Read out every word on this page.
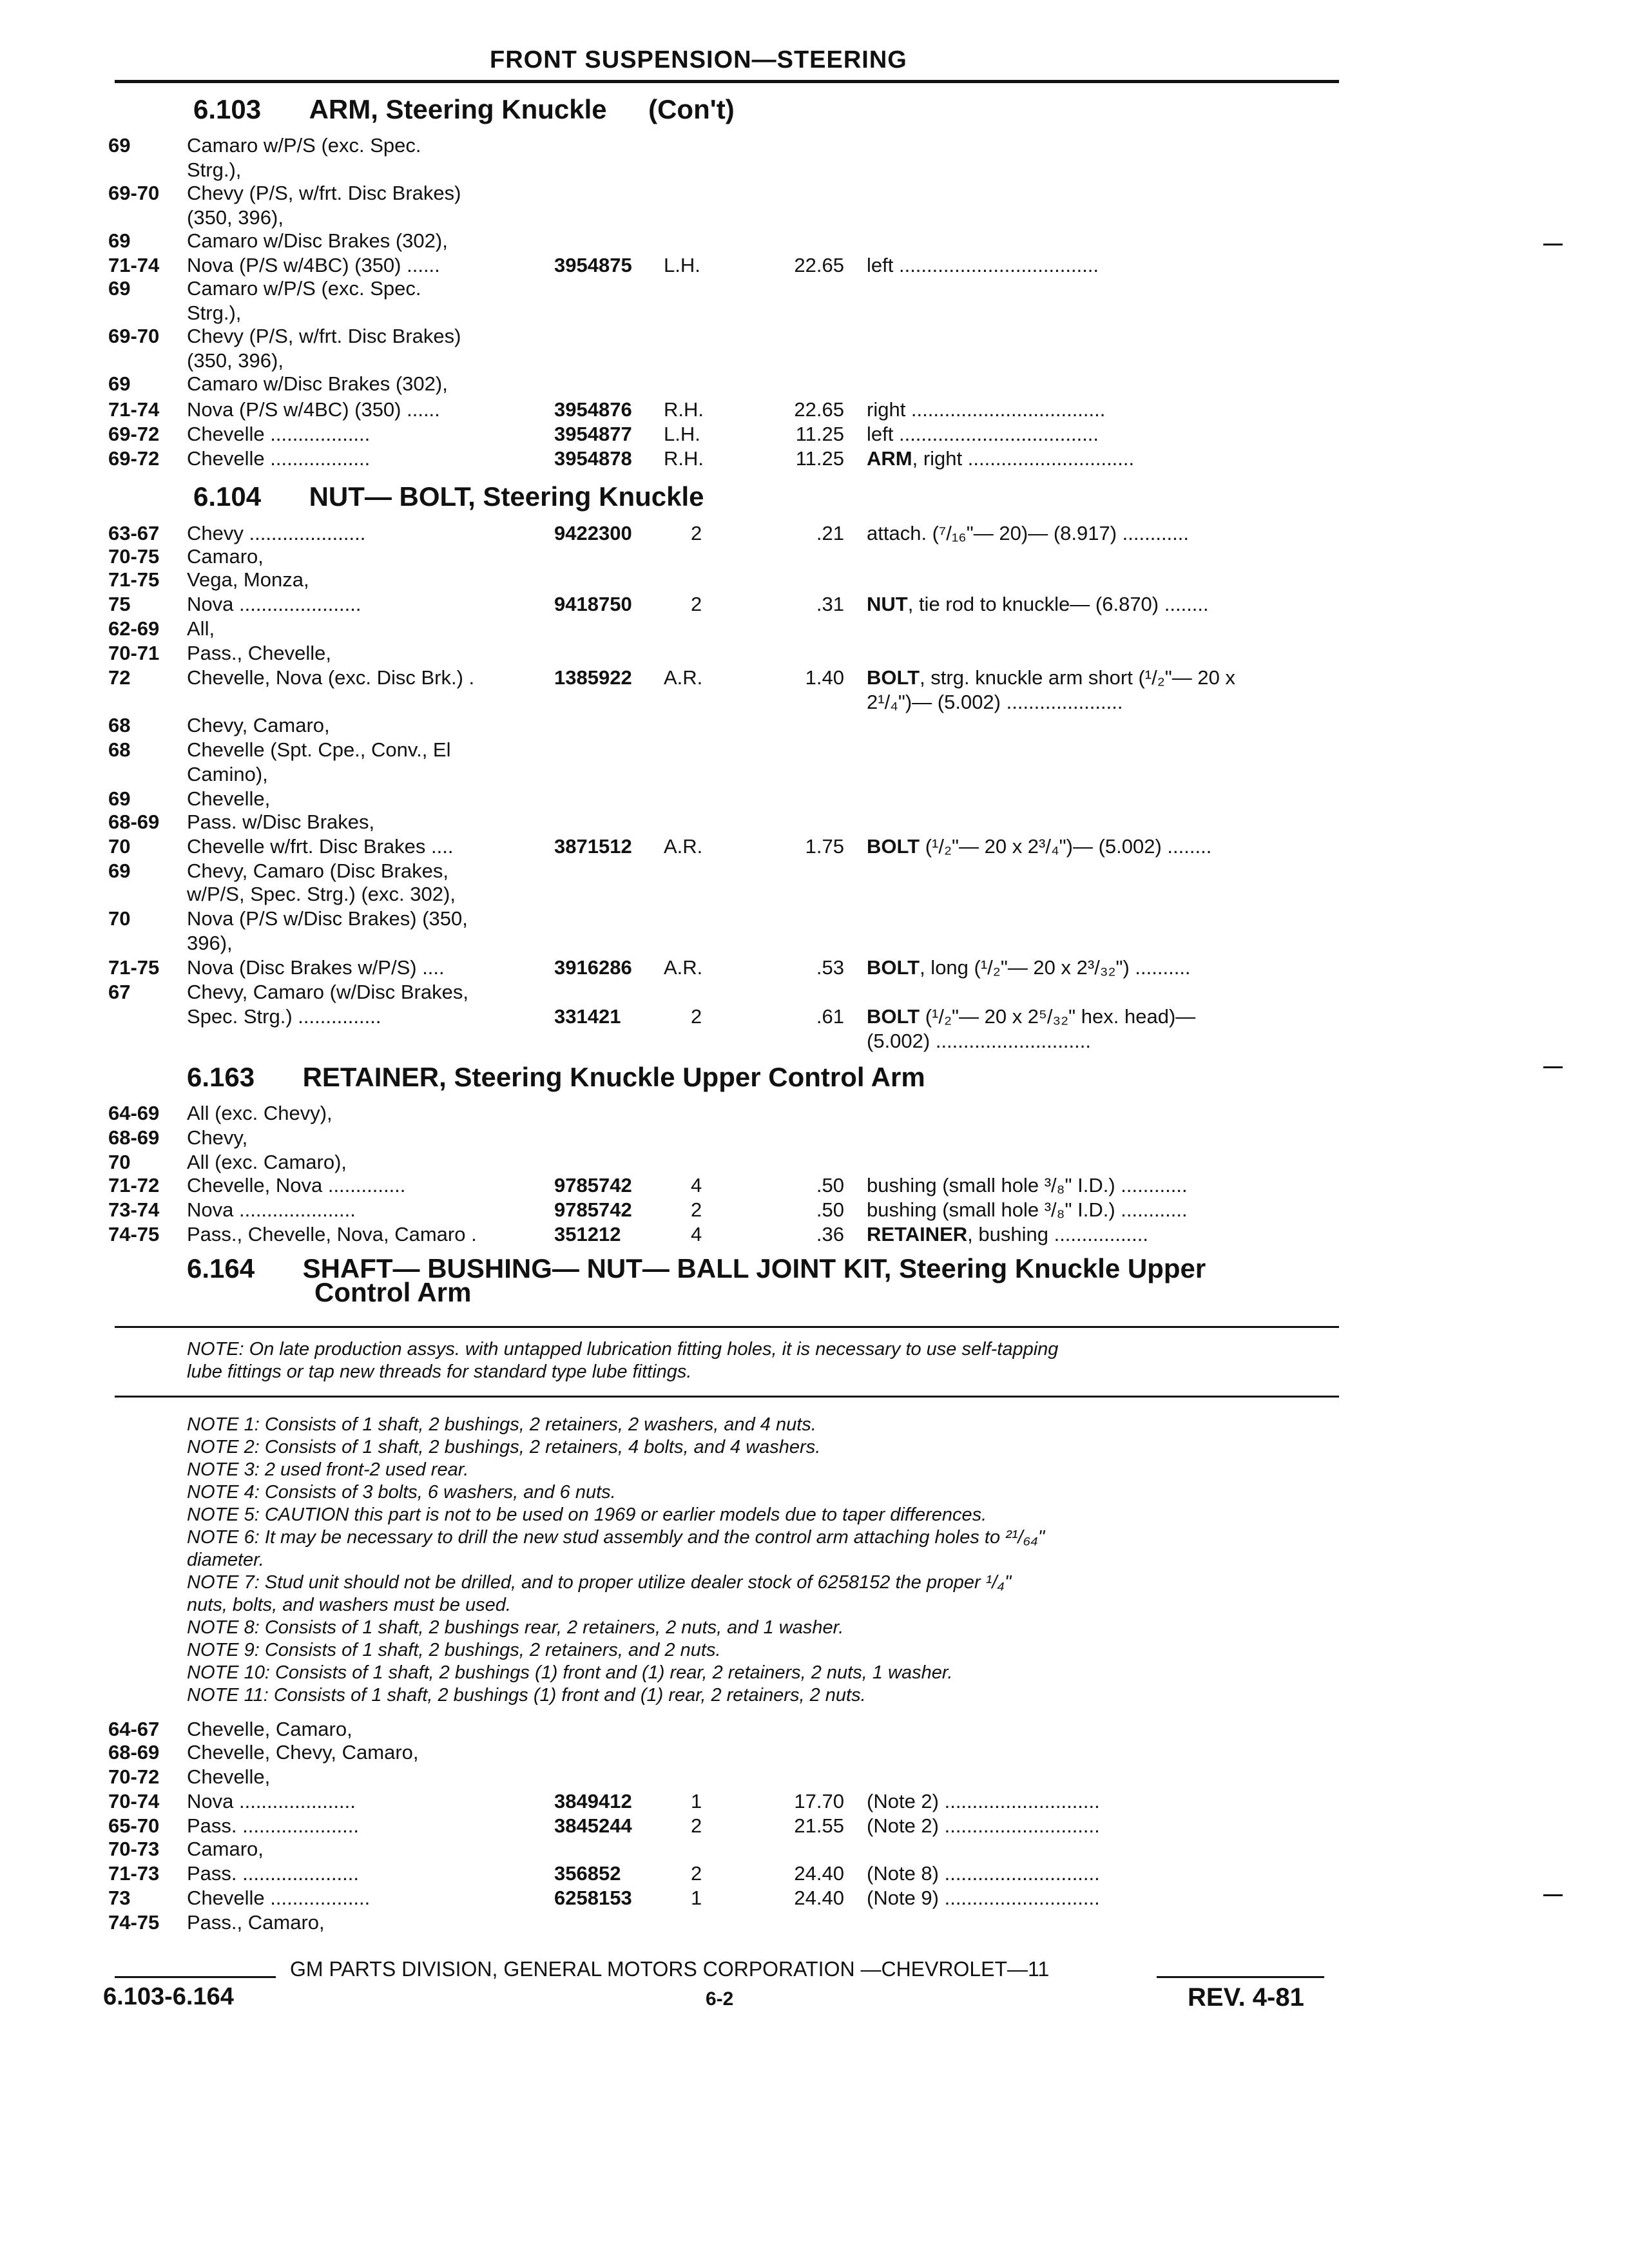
FRONT SUSPENSION—STEERING
6.103 ARM, Steering Knuckle (Con't)
6.104 NUT— BOLT, Steering Knuckle
6.163 RETAINER, Steering Knuckle Upper Control Arm
6.164 SHAFT— BUSHING— NUT— BALL JOINT KIT, Steering Knuckle Upper
Control Arm
69	Camaro w/P/S (exc. Spec.
Strg.),
69-70 Chevy (P/S, w/frt. Disc Brakes)
(350, 396),
69	Camaro w/Disc Brakes (302),
71-74 Nova (P/S w/4BC) (350) ......	3954875 L.H.	22.65 left ....................................
69	Camaro w/P/S (exc. Spec.
Strg.),
69-70 Chevy (P/S, w/frt. Disc Brakes)
(350, 396),
69	Camaro w/Disc Brakes (302),
71-74 Nova (P/S w/4BC) (350) ......	3954876 R.H.	22.65 right ...................................
69-72 Chevelle ..................	3954877 L.H.	11.25 left ....................................
69-72 Chevelle ..................	3954878 R.H.	11.25 ARM, right ..............................
63-67 Chevy .....................	9422300	2	.21 attach. (⁷/₁₆"— 20)— (8.917) ............
70-75 Camaro,
71-75 Vega, Monza,
75	Nova ......................	9418750	2	.31 NUT, tie rod to knuckle— (6.870) ........
62-69 All,
70-71 Pass., Chevelle,
72	Chevelle, Nova (exc. Disc Brk.) .	1385922 A.R.	1.40 BOLT, strg. knuckle arm short (¹/₂"— 20 x
2¹/₄")— (5.002) .....................
68	Chevy, Camaro,
68	Chevelle (Spt. Cpe., Conv., El
Camino),
69	Chevelle,
68-69 Pass. w/Disc Brakes,
70	Chevelle w/frt. Disc Brakes ....	3871512 A.R.	1.75 BOLT (¹/₂"— 20 x 2³/₄")— (5.002) ........
69	Chevy, Camaro (Disc Brakes,
w/P/S, Spec. Strg.) (exc. 302),
70	Nova (P/S w/Disc Brakes) (350,
396),
71-75 Nova (Disc Brakes w/P/S) ....	3916286 A.R.	.53 BOLT, long (¹/₂"— 20 x 2³/₃₂") ..........
67	Chevy, Camaro (w/Disc Brakes,
Spec. Strg.) ...............	331421	2	.61 BOLT (¹/₂"— 20 x 2⁵/₃₂" hex. head)—
(5.002) ............................
64-69 All (exc. Chevy),
68-69 Chevy,
70	All (exc. Camaro),
71-72 Chevelle, Nova ..............	9785742	4	.50 bushing (small hole ³/₈" I.D.) ............
73-74 Nova .....................	9785742	2	.50 bushing (small hole ³/₈" I.D.) ............
74-75 Pass., Chevelle, Nova, Camaro .	351212	4	.36 RETAINER, bushing .................
64-67 Chevelle, Camaro,
68-69 Chevelle, Chevy, Camaro,
70-72 Chevelle,
70-74 Nova .....................	3849412	1	17.70 (Note 2) ............................
65-70 Pass. .....................	3845244	2	21.55 (Note 2) ............................
70-73 Camaro,
71-73 Pass. .....................	356852	2	24.40 (Note 8) ............................
73	Chevelle ..................	6258153	1	24.40 (Note 9) ............................
74-75 Pass., Camaro,
NOTE: On late production assys. with untapped lubrication fitting holes, it is necessary to use self-tapping
lube fittings or tap new threads for standard type lube fittings.
NOTE 1: Consists of 1 shaft, 2 bushings, 2 retainers, 2 washers, and 4 nuts.
NOTE 2: Consists of 1 shaft, 2 bushings, 2 retainers, 4 bolts, and 4 washers.
NOTE 3: 2 used front-2 used rear.
NOTE 4: Consists of 3 bolts, 6 washers, and 6 nuts.
NOTE 5: CAUTION this part is not to be used on 1969 or earlier models due to taper differences.
NOTE 6: It may be necessary to drill the new stud assembly and the control arm attaching holes to ²¹/₆₄"
diameter.
NOTE 7: Stud unit should not be drilled, and to proper utilize dealer stock of 6258152 the proper ¹/₄"
nuts, bolts, and washers must be used.
NOTE 8: Consists of 1 shaft, 2 bushings rear, 2 retainers, 2 nuts, and 1 washer.
NOTE 9: Consists of 1 shaft, 2 bushings, 2 retainers, and 2 nuts.
NOTE 10: Consists of 1 shaft, 2 bushings (1) front and (1) rear, 2 retainers, 2 nuts, 1 washer.
NOTE 11: Consists of 1 shaft, 2 bushings (1) front and (1) rear, 2 retainers, 2 nuts.
GM PARTS DIVISION, GENERAL MOTORS CORPORATION —CHEVROLET—11
6.103-6.164	6-2	REV. 4-81
